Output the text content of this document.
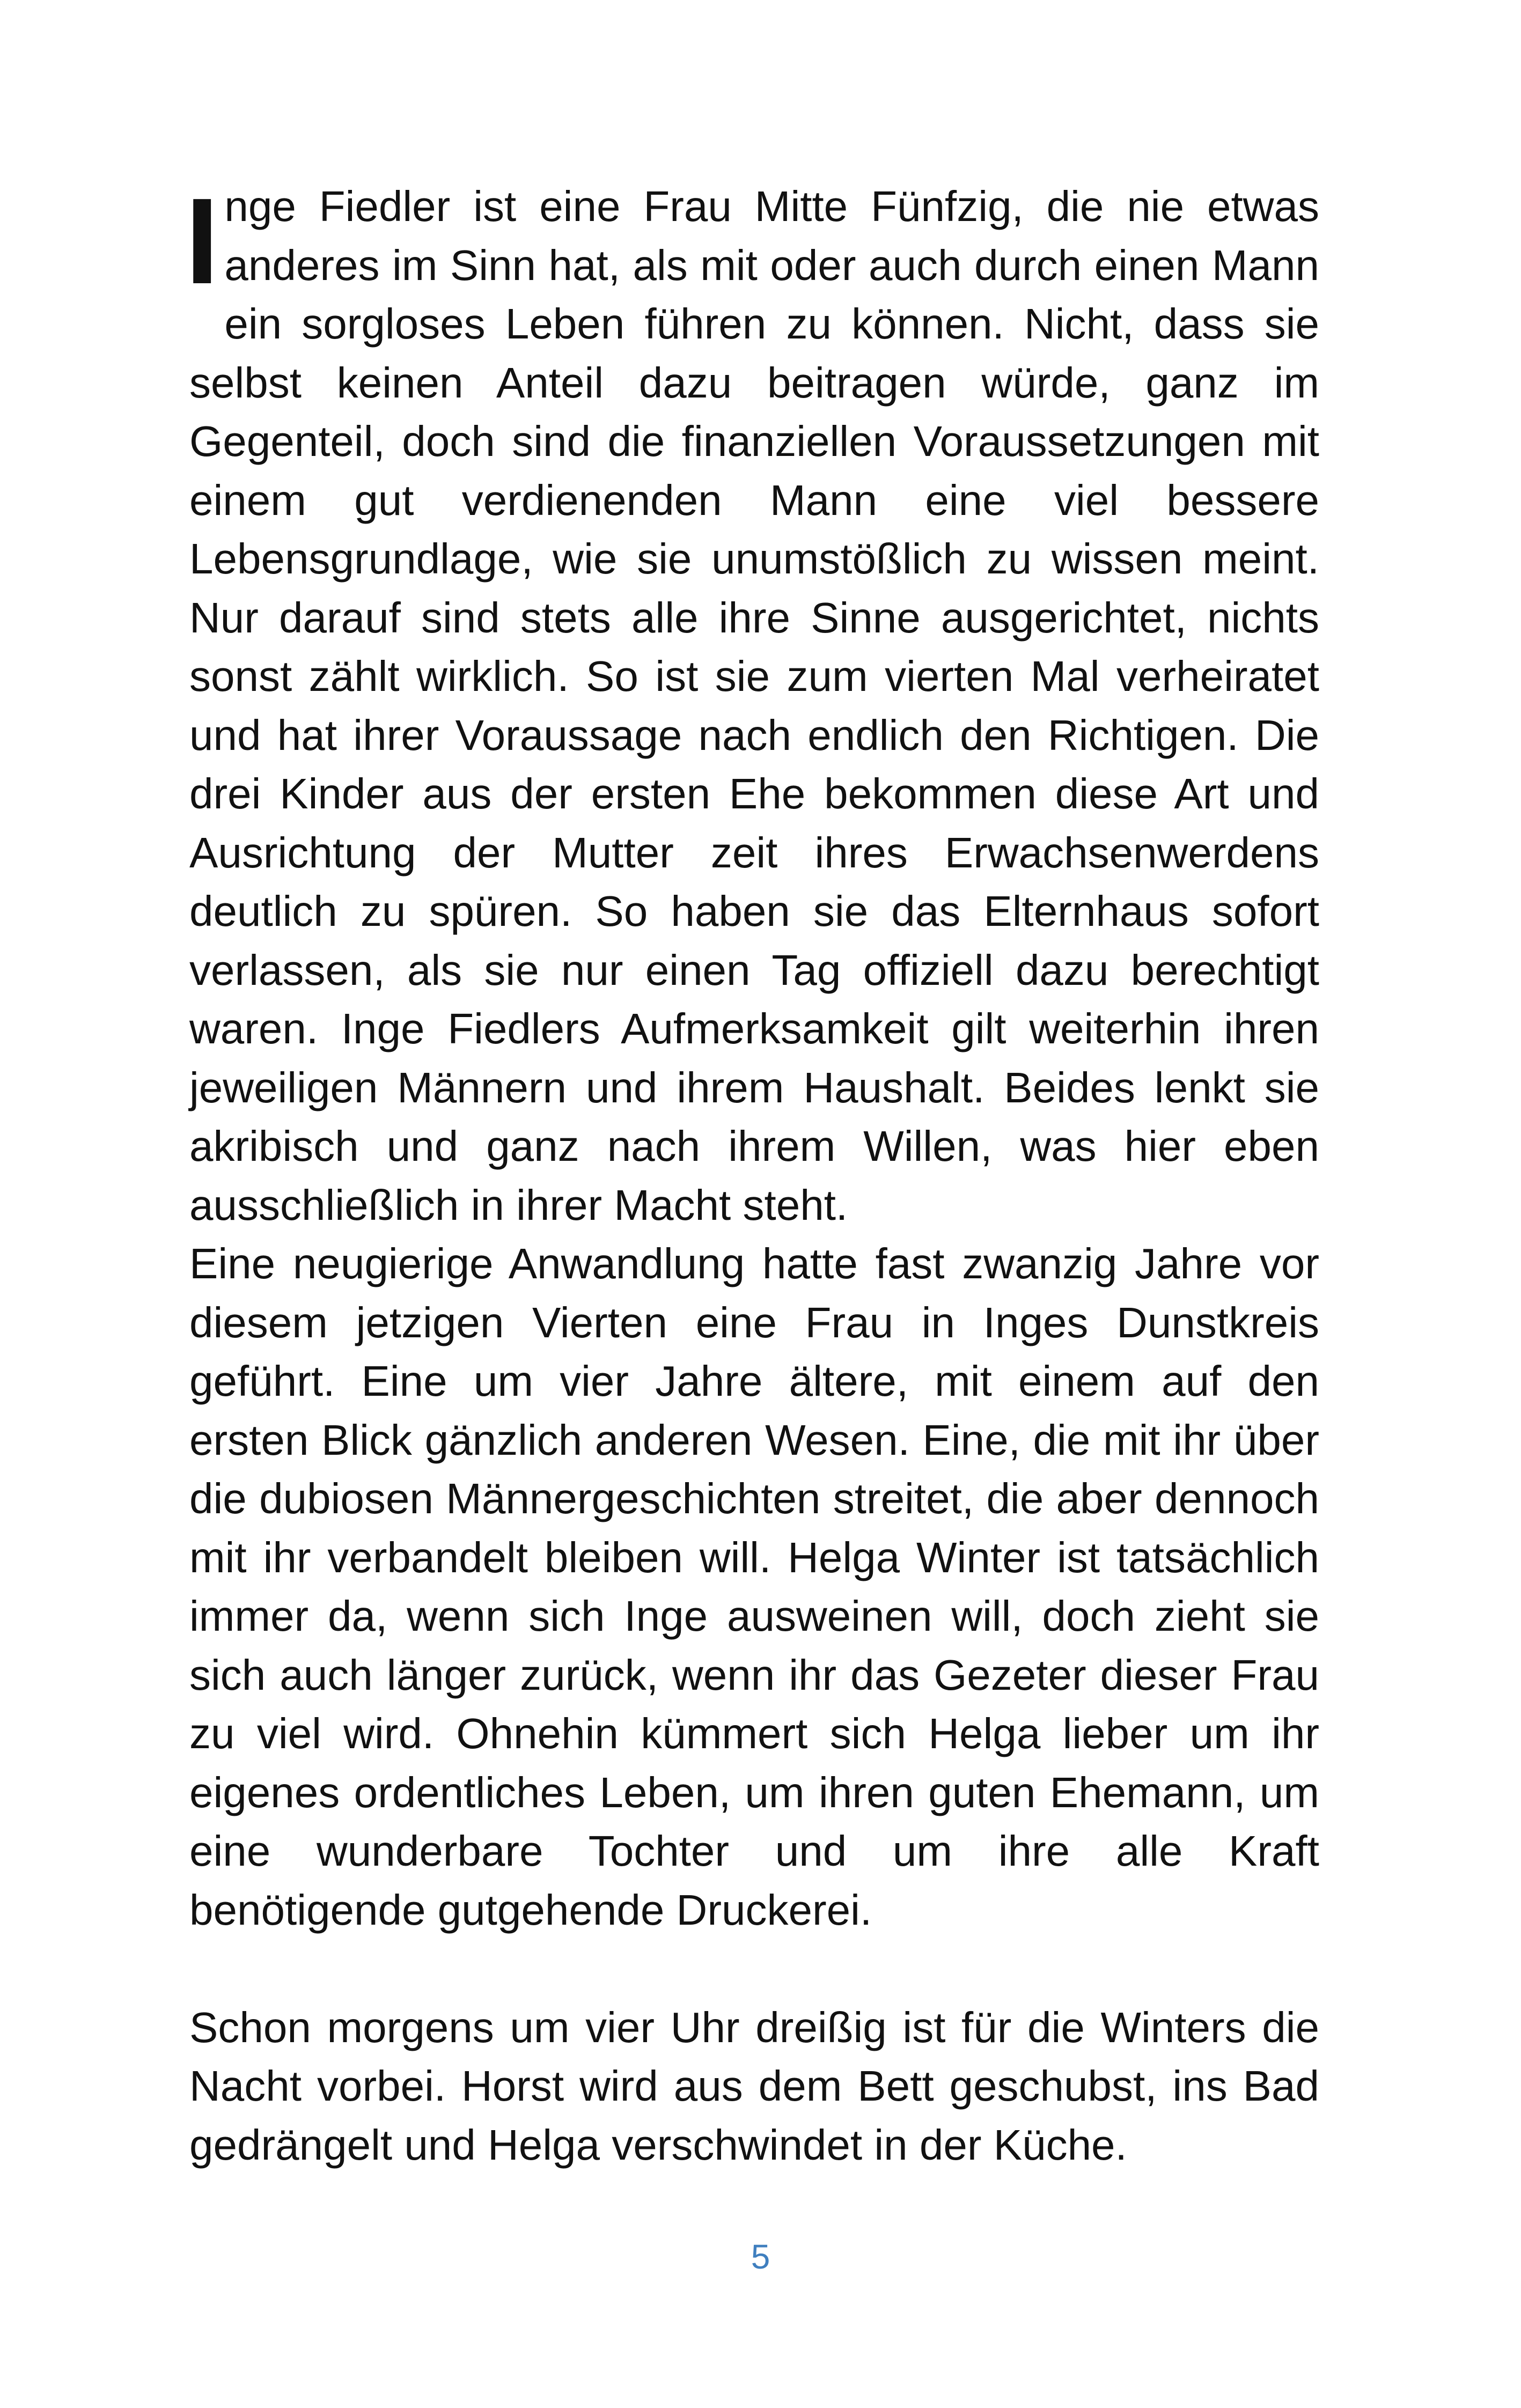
Inge Fiedler ist eine Frau Mitte Fünfzig, die nie etwas anderes im Sinn hat, als mit oder auch durch einen Mann ein sorgloses Leben führen zu können. Nicht, dass sie selbst keinen Anteil dazu beitragen würde, ganz im Gegenteil, doch sind die finanziellen Voraussetzungen mit einem gut verdienenden Mann eine viel bessere Lebensgrundlage, wie sie unumstößlich zu wissen meint. Nur darauf sind stets alle ihre Sinne ausgerichtet, nichts sonst zählt wirklich. So ist sie zum vierten Mal verheiratet und hat ihrer Voraussage nach endlich den Richtigen. Die drei Kinder aus der ersten Ehe bekommen diese Art und Ausrichtung der Mutter zeit ihres Erwachsenwerdens deutlich zu spüren. So haben sie das Elternhaus sofort verlassen, als sie nur einen Tag offiziell dazu berechtigt waren. Inge Fiedlers Aufmerksamkeit gilt weiterhin ihren jeweiligen Männern und ihrem Haushalt. Beides lenkt sie akribisch und ganz nach ihrem Willen, was hier eben ausschließlich in ihrer Macht steht.

Eine neugierige Anwandlung hatte fast zwanzig Jahre vor diesem jetzigen Vierten eine Frau in Inges Dunstkreis geführt. Eine um vier Jahre ältere, mit einem auf den ersten Blick gänzlich anderen Wesen. Eine, die mit ihr über die dubiosen Männergeschichten streitet, die aber dennoch mit ihr verbandelt bleiben will. Helga Winter ist tatsächlich immer da, wenn sich Inge ausweinen will, doch zieht sie sich auch länger zurück, wenn ihr das Gezeter dieser Frau zu viel wird. Ohnehin kümmert sich Helga lieber um ihr eigenes ordentliches Leben, um ihren guten Ehemann, um eine wunderbare Tochter und um ihre alle Kraft benötigende gutgehende Druckerei.

Schon morgens um vier Uhr dreißig ist für die Winters die Nacht vorbei. Horst wird aus dem Bett geschubst, ins Bad gedrängelt und Helga verschwindet in der Küche.

5
